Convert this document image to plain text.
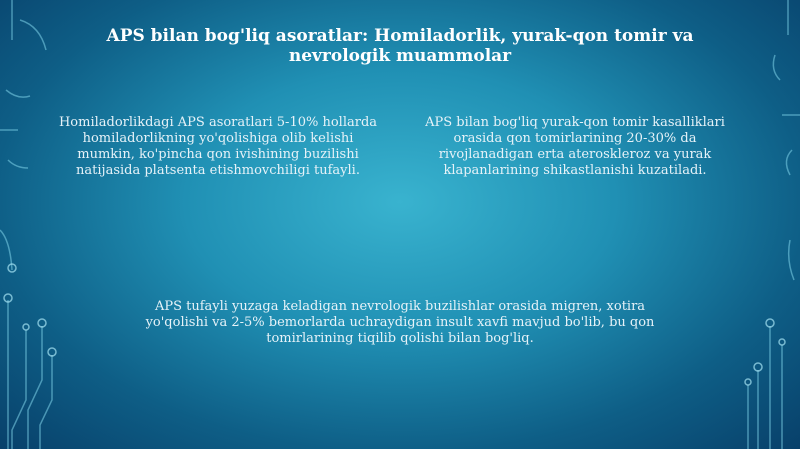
APS bilan bog'liq asoratlar: Homiladorlik, yurak-qon tomir va nevrologik muammolar
Homiladorlikdagi APS asoratlari 5-10% hollarda homiladorlikning yo'qolishiga olib kelishi mumkin, ko'pincha qon ivishining buzilishi natijasida platsenta etishmovchiligi tufayli.
APS bilan bog'liq yurak-qon tomir kasalliklari orasida qon tomirlarining 20-30% da rivojlanadigan erta ateroskleroz va yurak klapanlarining shikastlanishi kuzatiladi.
APS tufayli yuzaga keladigan nevrologik buzilishlar orasida migren, xotira yo'qolishi va 2-5% bemorlarda uchraydigan insult xavfi mavjud bo'lib, bu qon tomirlarining tiqilib qolishi bilan bog'liq.
